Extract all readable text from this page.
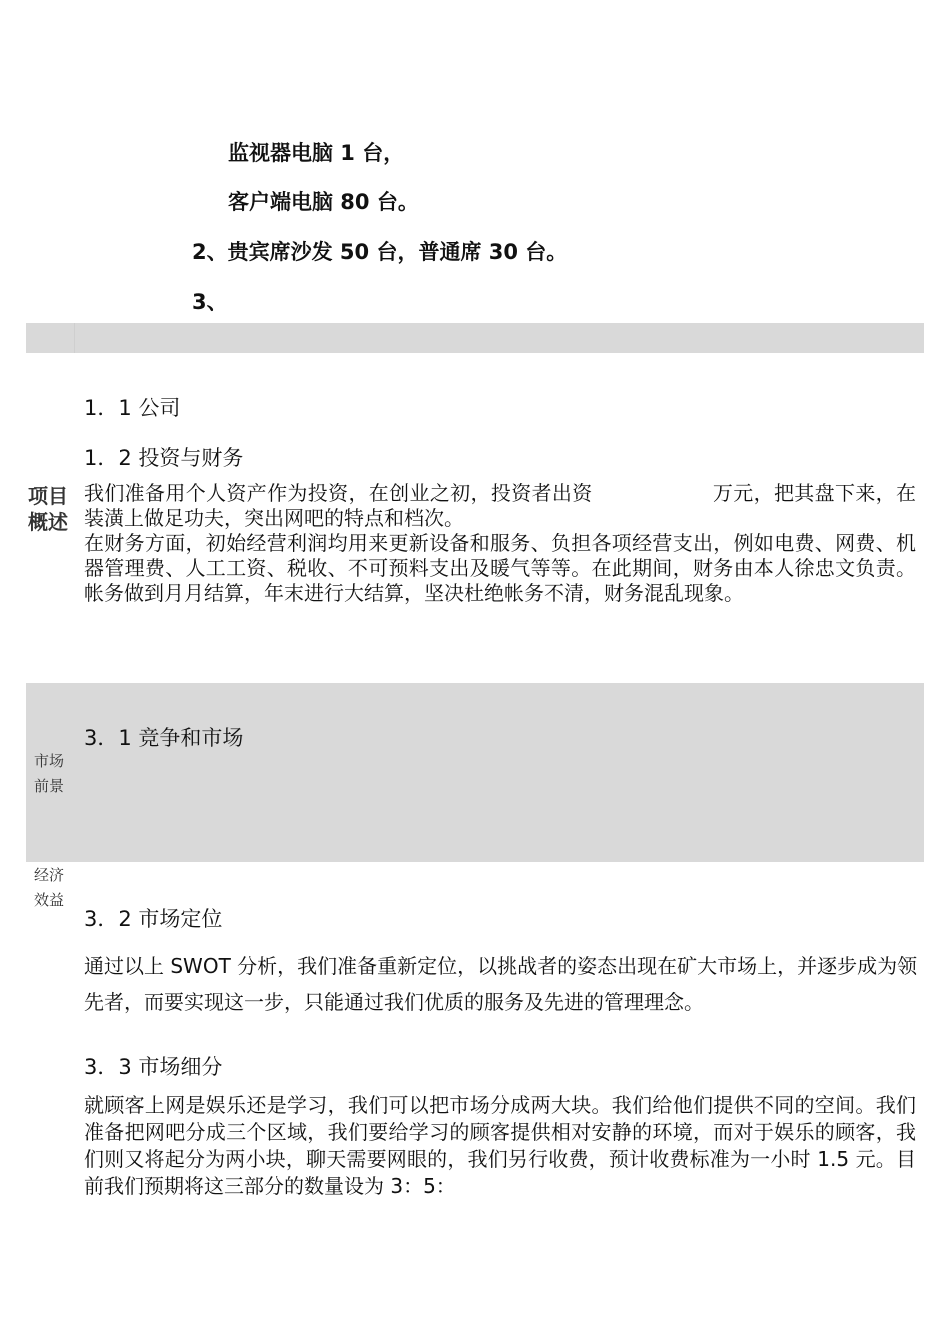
监视器电脑 1 台，
客户端电脑 80 台。
2、贵宾席沙发 50 台，普通席 30 台。
3、
1．1 公司
1．2 投资与财务
项目
概述
我们准备用个人资产作为投资，在创业之初，投资者出资	万元，把其盘下来，在装潢上做足功夫，突出网吧的特点和档次。
在财务方面，初始经营利润均用来更新设备和服务、负担各项经营支出，例如电费、网费、机器管理费、人工工资、税收、不可预料支出及暖气等等。在此期间，财务由本人徐忠文负责。帐务做到月月结算，年末进行大结算，坚决杜绝帐务不清，财务混乱现象。
市场
前景
3．1 竞争和市场
经济
效益
3．2 市场定位
通过以上 SWOT 分析，我们准备重新定位，以挑战者的姿态出现在矿大市场上，并逐步成为领先者，而要实现这一步，只能通过我们优质的服务及先进的管理理念。
3．3 市场细分
就顾客上网是娱乐还是学习，我们可以把市场分成两大块。我们给他们提供不同的空间。我们准备把网吧分成三个区域，我们要给学习的顾客提供相对安静的环境，而对于娱乐的顾客，我们则又将起分为两小块，聊天需要网眼的，我们另行收费，预计收费标准为一小时 1.5 元。目前我们预期将这三部分的数量设为 3：5：
